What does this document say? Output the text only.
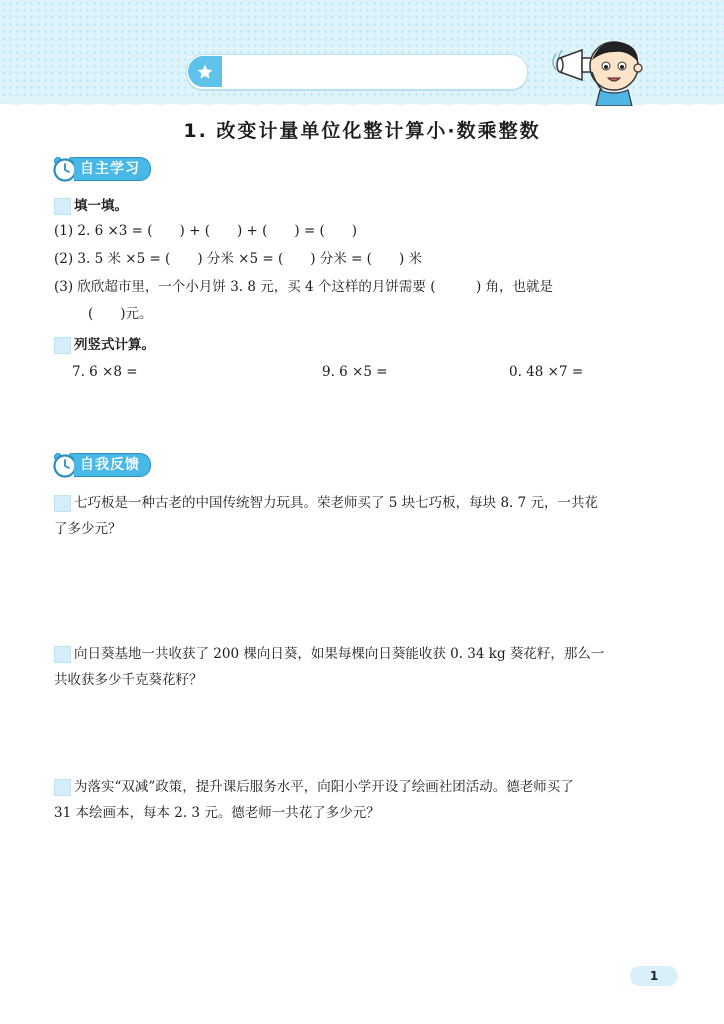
1. 改变计量单位化整计算小·数乘整数
自主学习
填一填。
(1) 2. 6 ×3 = (　　) + (　　) + (　　) = (　　)
(2) 3. 5 米 ×5 = (　　) 分米 ×5 = (　　) 分米 = (　　) 米
(3) 欣欣超市里，一个小月饼 3. 8 元，买 4 个这样的月饼需要 (　　　) 角，也就是
(　　)元。
列竖式计算。
7. 6 ×8 =	9. 6 ×5 =	0. 48 ×7 =
自我反馈
七巧板是一种古老的中国传统智力玩具。荣老师买了 5 块七巧板，每块 8. 7 元，一共花
了多少元？
向日葵基地一共收获了 200 棵向日葵，如果每棵向日葵能收获 0. 34 kg 葵花籽，那么一
共收获多少千克葵花籽？
为落实“双减”政策，提升课后服务水平，向阳小学开设了绘画社团活动。德老师买了
31 本绘画本，每本 2. 3 元。德老师一共花了多少元？
1
